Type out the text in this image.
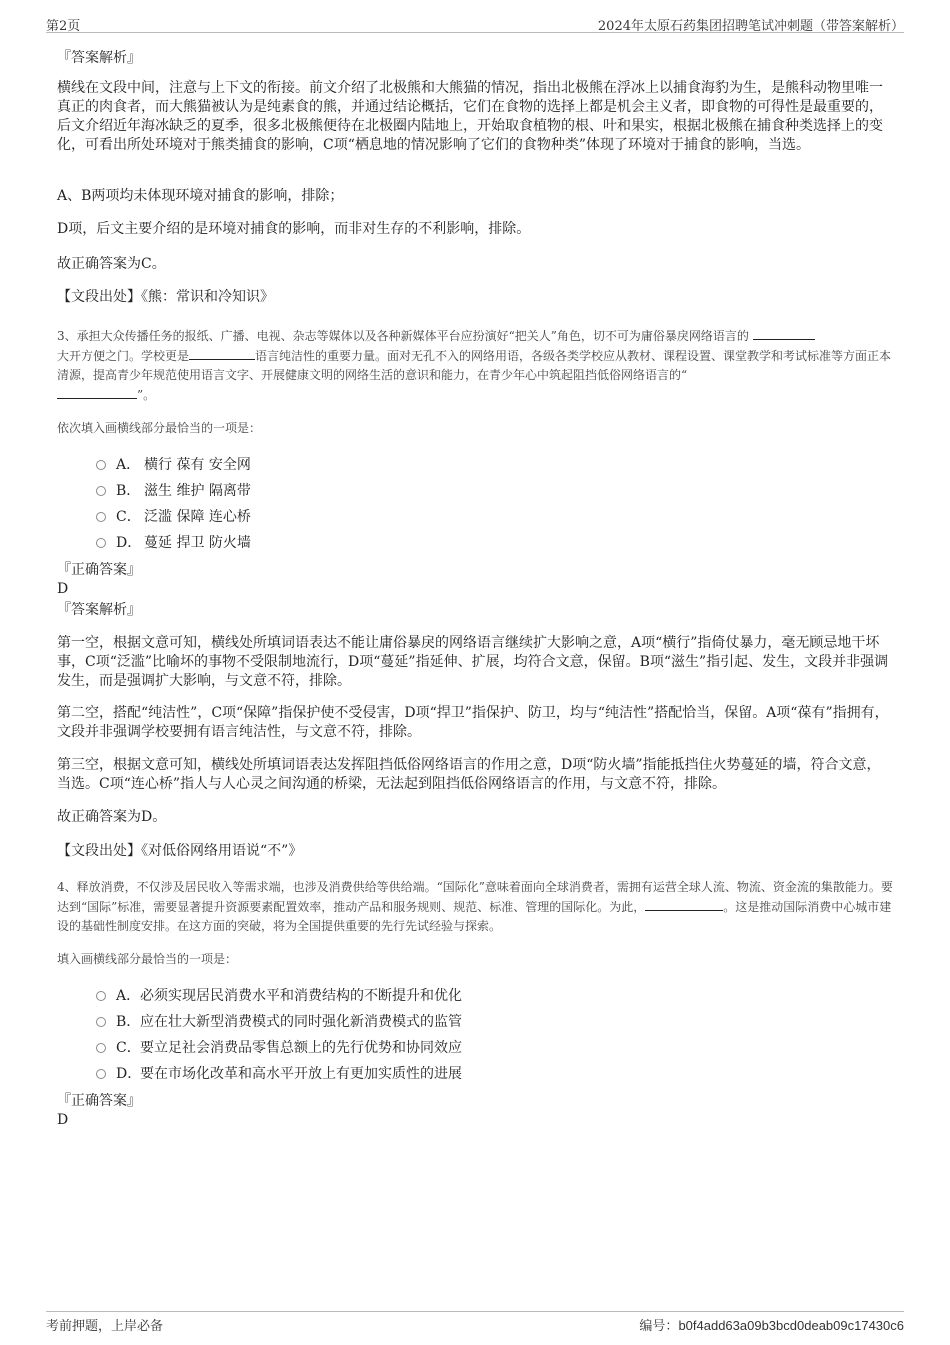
第2页	2024年太原石药集团招聘笔试冲刺题（带答案解析）
『答案解析』
横线在文段中间，注意与上下文的衔接。前文介绍了北极熊和大熊猫的情况，指出北极熊在浮冰上以捕食海豹为生，是熊科动物里唯一真正的肉食者，而大熊猫被认为是纯素食的熊，并通过结论概括，它们在食物的选择上都是机会主义者，即食物的可得性是最重要的，后文介绍近年海冰缺乏的夏季，很多北极熊便待在北极圈内陆地上，开始取食植物的根、叶和果实，根据北极熊在捕食种类选择上的变化，可看出所处环境对于熊类捕食的影响，C项“栖息地的情况影响了它们的食物种类”体现了环境对于捕食的影响，当选。
A、B两项均未体现环境对捕食的影响，排除；
D项，后文主要介绍的是环境对捕食的影响，而非对生存的不利影响，排除。
故正确答案为C。
【文段出处】《熊：常识和冷知识》
3、承担大众传播任务的报纸、广播、电视、杂志等媒体以及各种新媒体平台应扮演好“把关人”角色，切不可为庸俗暴戾网络语言的
大开方便之门。学校更是	语言纯洁性的重要力量。面对无孔不入的网络用语，各级各类学校应从教材、课程设置、课堂教学和考试标准等方面正本清源，提高青少年规范使用语言文字、开展健康文明的网络生活的意识和能力，在青少年心中筑起阻挡低俗网络语言的“
”。
依次填入画横线部分最恰当的一项是：
A． 横行 葆有 安全网
B． 滋生 维护 隔离带
C． 泛滥 保障 连心桥
D． 蔓延 捍卫 防火墙
『正确答案』
D
『答案解析』
第一空，根据文意可知，横线处所填词语表达不能让庸俗暴戾的网络语言继续扩大影响之意，A项“横行”指倚仗暴力，毫无顾忌地干坏事，C项“泛滥”比喻坏的事物不受限制地流行，D项“蔓延”指延伸、扩展，均符合文意，保留。B项“滋生”指引起、发生，文段并非强调发生，而是强调扩大影响，与文意不符，排除。
第二空，搭配“纯洁性”，C项“保障”指保护使不受侵害，D项“捍卫”指保护、防卫，均与“纯洁性”搭配恰当，保留。A项“葆有”指拥有，文段并非强调学校要拥有语言纯洁性，与文意不符，排除。
第三空，根据文意可知，横线处所填词语表达发挥阻挡低俗网络语言的作用之意，D项“防火墙”指能抵挡住火势蔓延的墙，符合文意，当选。C项“连心桥”指人与人心灵之间沟通的桥梁，无法起到阻挡低俗网络语言的作用，与文意不符，排除。
故正确答案为D。
【文段出处】《对低俗网络用语说“不”》
4、释放消费，不仅涉及居民收入等需求端，也涉及消费供给等供给端。“国际化”意味着面向全球消费者，需拥有运营全球人流、物流、资金流的集散能力。要达到“国际”标准，需要显著提升资源要素配置效率，推动产品和服务规则、规范、标准、管理的国际化。为此，	。这是推动国际消费中心城市建设的基础性制度安排。在这方面的突破，将为全国提供重要的先行先试经验与探索。
填入画横线部分最恰当的一项是：
A．必须实现居民消费水平和消费结构的不断提升和优化
B．应在壮大新型消费模式的同时强化新消费模式的监管
C．要立足社会消费品零售总额上的先行优势和协同效应
D．要在市场化改革和高水平开放上有更加实质性的进展
『正确答案』
D
考前押题，上岸必备	编号：b0f4add63a09b3bcd0deab09c17430c6
